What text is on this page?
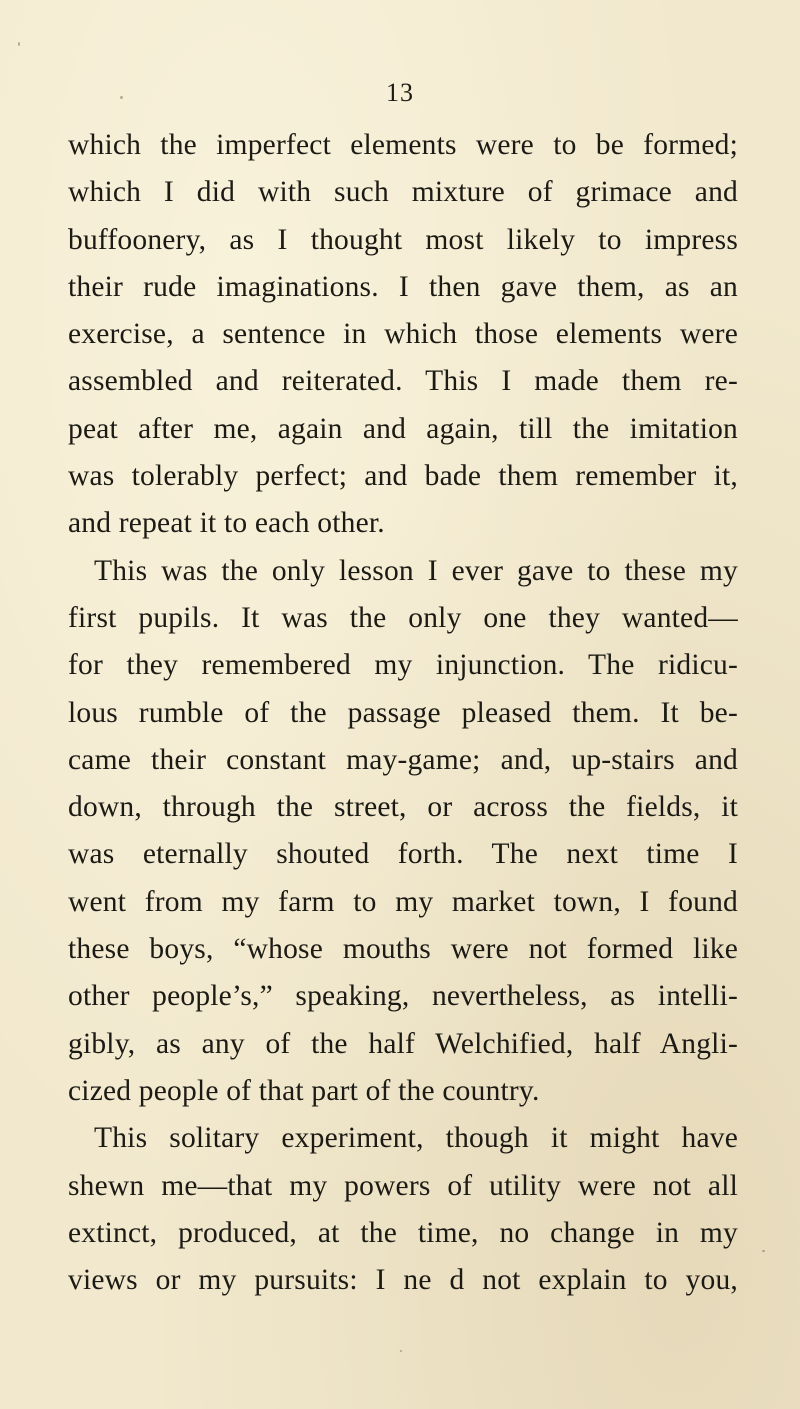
13
which the imperfect elements were to be formed;
which I did with such mixture of grimace and
buffoonery, as I thought most likely to impress
their rude imaginations. I then gave them, as an
exercise, a sentence in which those elements were
assembled and reiterated. This I made them re-
peat after me, again and again, till the imitation
was tolerably perfect; and bade them remember it,
and repeat it to each other.
This was the only lesson I ever gave to these my
first pupils. It was the only one they wanted—
for they remembered my injunction. The ridicu-
lous rumble of the passage pleased them. It be-
came their constant may-game; and, up-stairs and
down, through the street, or across the fields, it
was eternally shouted forth. The next time I
went from my farm to my market town, I found
these boys, “whose mouths were not formed like
other people’s,” speaking, nevertheless, as intelli-
gibly, as any of the half Welchified, half Angli-
cized people of that part of the country.
This solitary experiment, though it might have
shewn me—that my powers of utility were not all
extinct, produced, at the time, no change in my
views or my pursuits: I ne d not explain to you,
